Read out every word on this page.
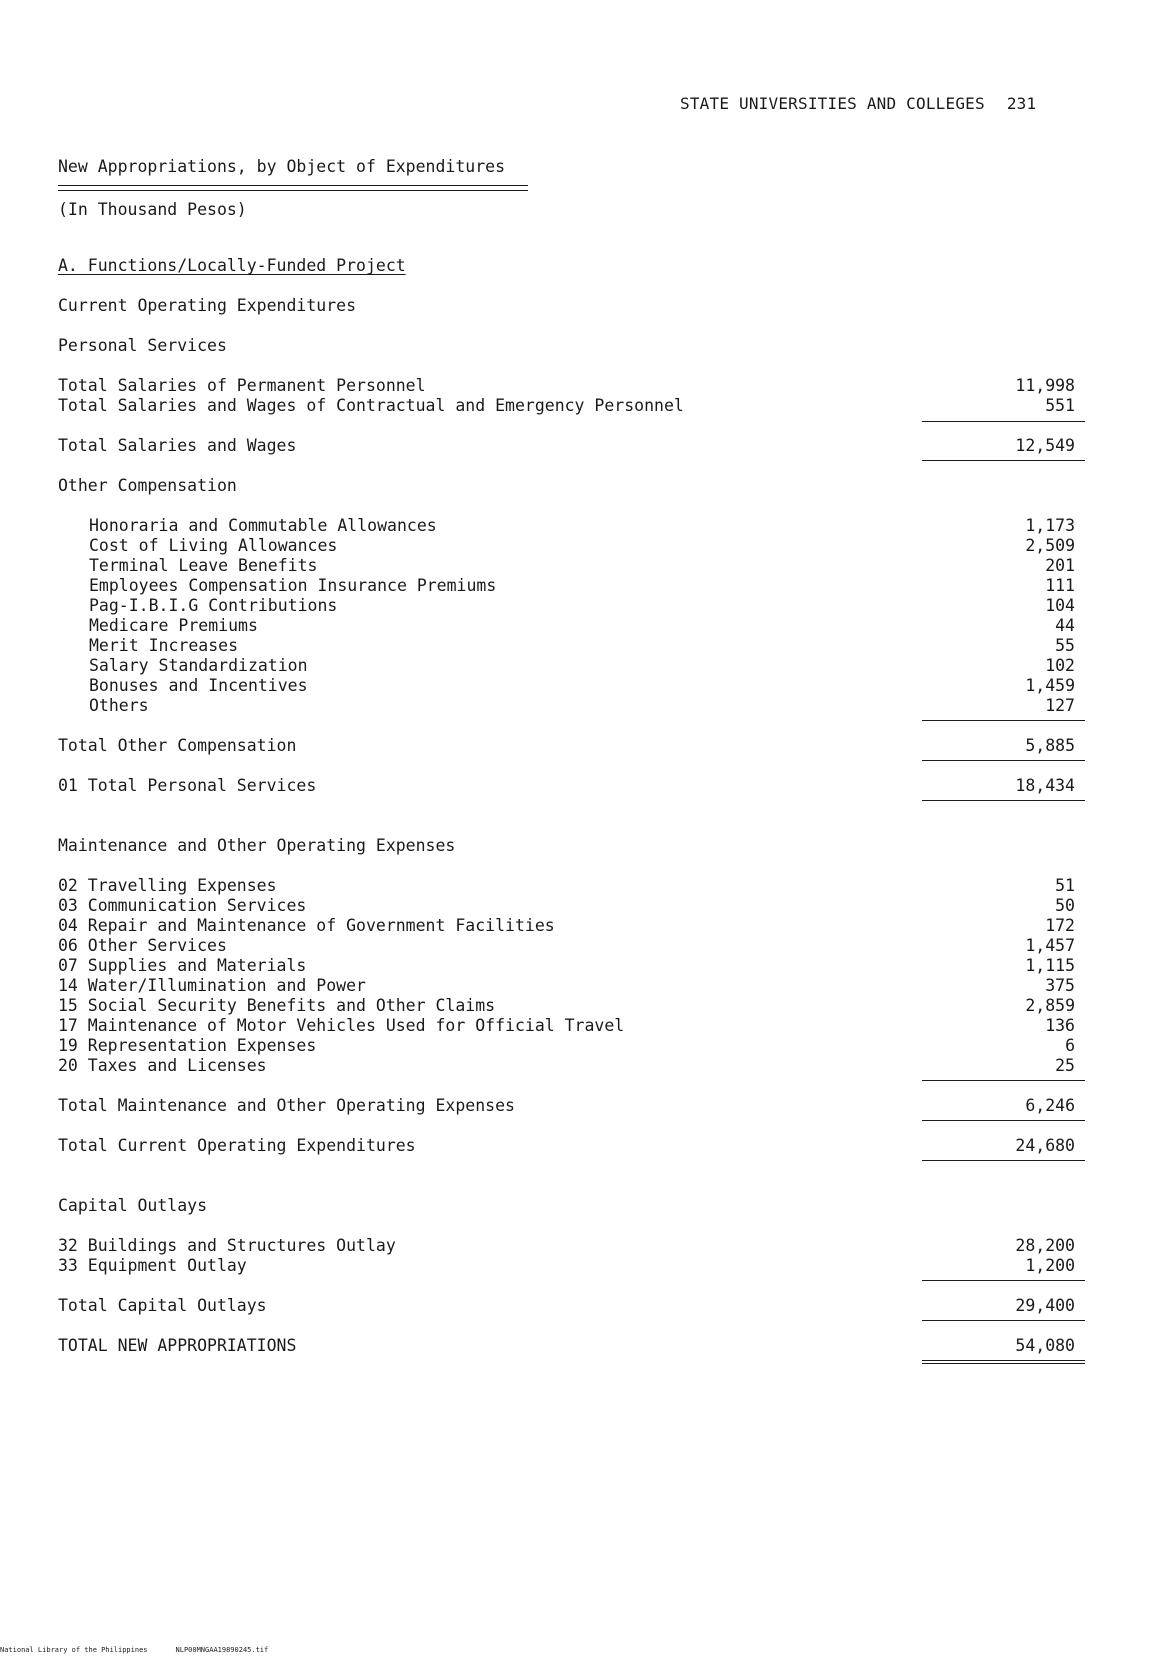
STATE UNIVERSITIES AND COLLEGES 231
New Appropriations, by Object of Expenditures
(In Thousand Pesos)
A. Functions/Locally-Funded Project
Current Operating Expenditures
Personal Services
Total Salaries of Permanent Personnel	11,998
Total Salaries and Wages of Contractual and Emergency Personnel	551
Total Salaries and Wages	12,549
Other Compensation
Honoraria and Commutable Allowances	1,173
Cost of Living Allowances	2,509
Terminal Leave Benefits	201
Employees Compensation Insurance Premiums	111
Pag-I.B.I.G Contributions	104
Medicare Premiums	44
Merit Increases	55
Salary Standardization	102
Bonuses and Incentives	1,459
Others	127
Total Other Compensation	5,885
01 Total Personal Services	18,434
Maintenance and Other Operating Expenses
02 Travelling Expenses	51
03 Communication Services	50
04 Repair and Maintenance of Government Facilities	172
06 Other Services	1,457
07 Supplies and Materials	1,115
14 Water/Illumination and Power	375
15 Social Security Benefits and Other Claims	2,859
17 Maintenance of Motor Vehicles Used for Official Travel	136
19 Representation Expenses	6
20 Taxes and Licenses	25
Total Maintenance and Other Operating Expenses	6,246
Total Current Operating Expenditures	24,680
Capital Outlays
32 Buildings and Structures Outlay	28,200
33 Equipment Outlay	1,200
Total Capital Outlays	29,400
TOTAL NEW APPROPRIATIONS	54,080
National Library of the Philippines	NLP00MNGAA19890245.tif
